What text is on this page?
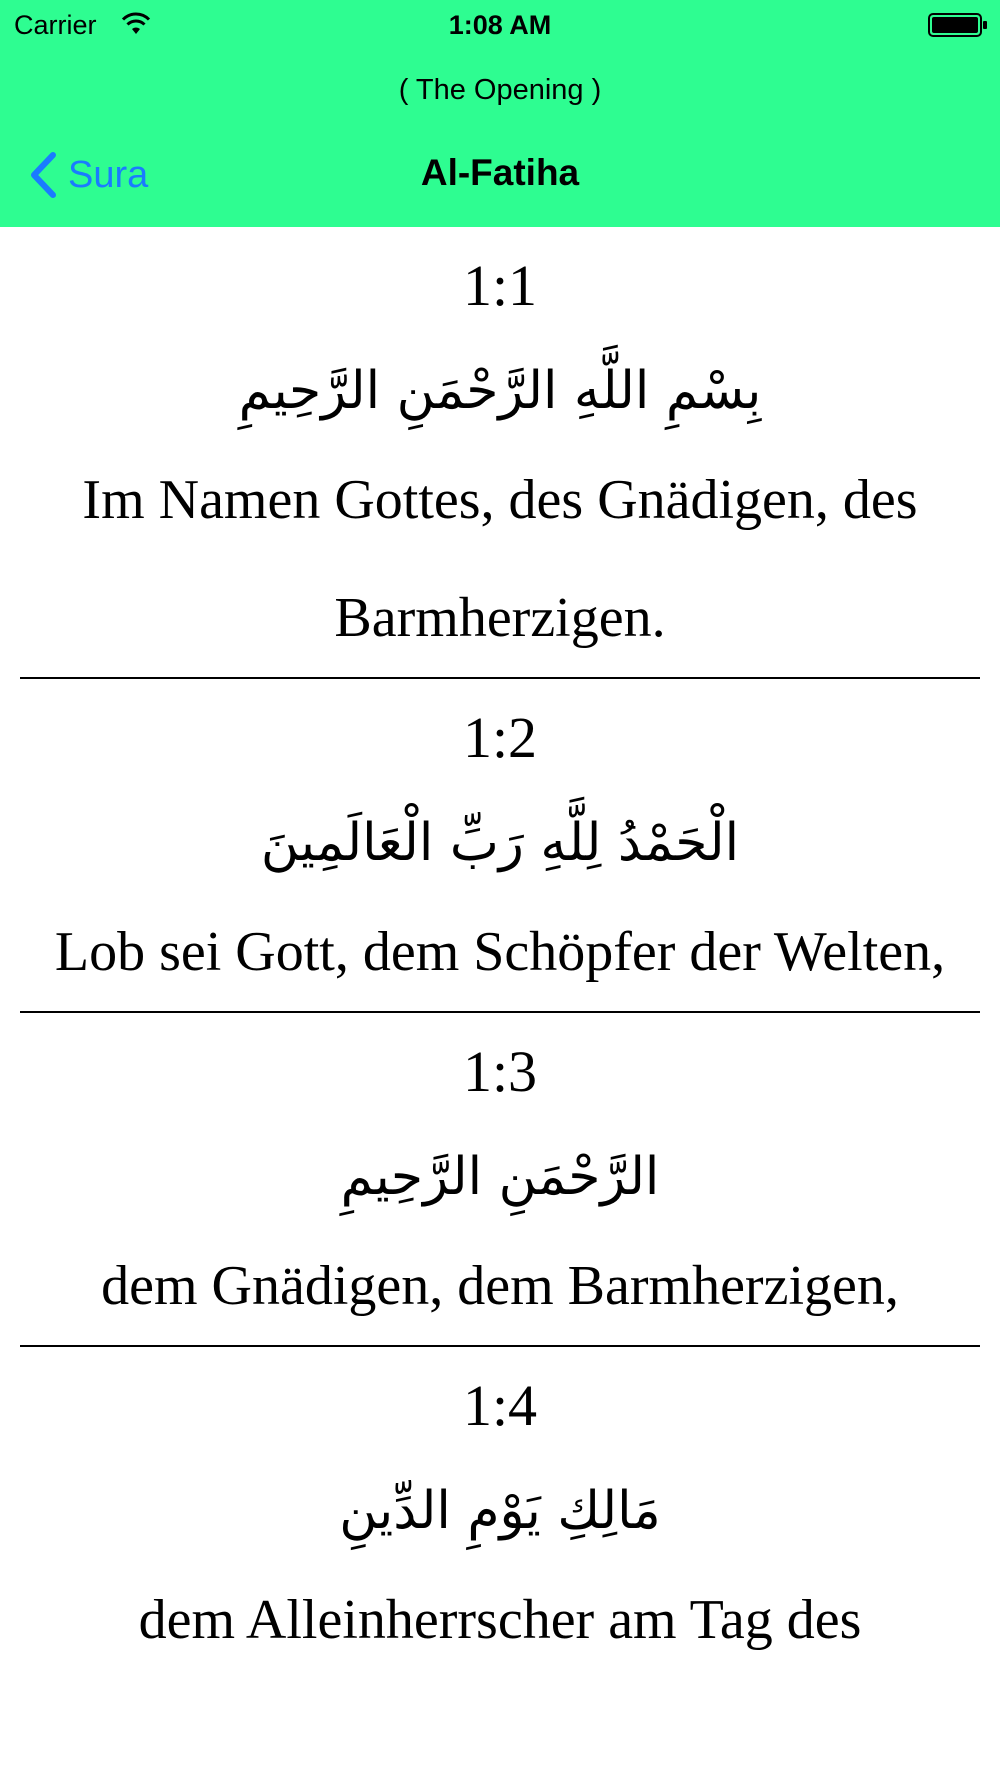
Carrier	1:08 AM
( The Opening )
Sura	Al-Fatiha
1:1
بِسْمِ اللَّهِ الرَّحْمَنِ الرَّحِيمِ
Im Namen Gottes, des Gnädigen, des Barmherzigen.
1:2
الْحَمْدُ لِلَّهِ رَبِّ الْعَالَمِينَ
Lob sei Gott, dem Schöpfer der Welten,
1:3
الرَّحْمَنِ الرَّحِيمِ
dem Gnädigen, dem Barmherzigen,
1:4
مَالِكِ يَوْمِ الدِّينِ
dem Alleinherrscher am Tag des
